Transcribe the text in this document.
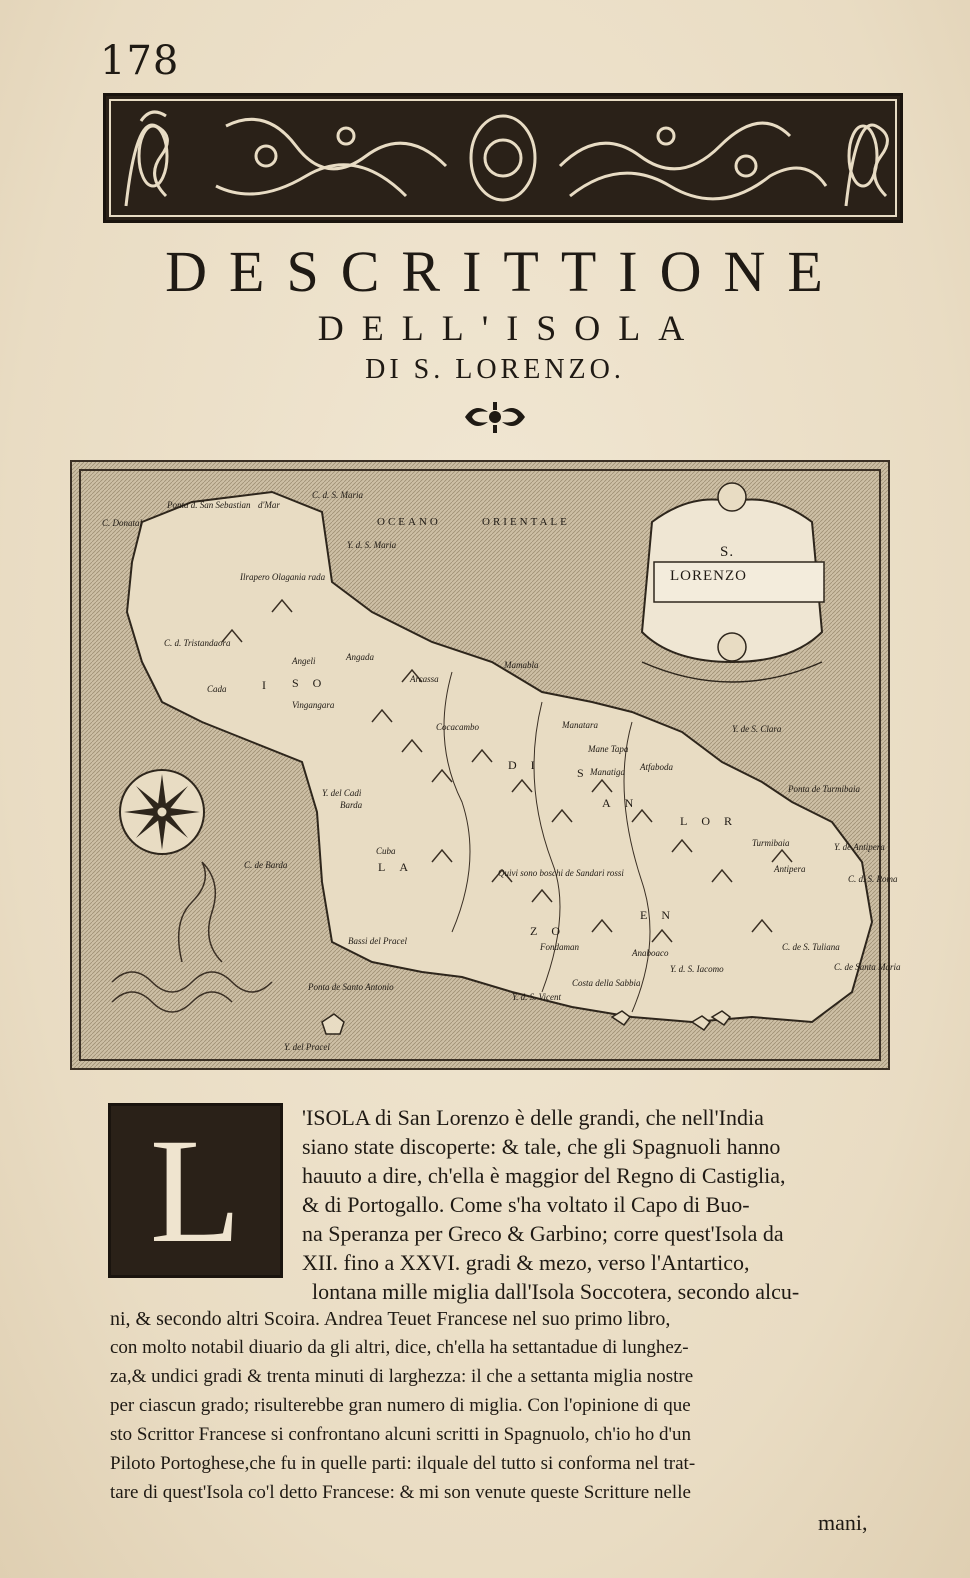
178
DESCRITTIONE
DELL'ISOLA
DI S. LORENZO.
S.
LORENZO
Ponta d. San Sebastian
C. Donatal
d'Mar
C. d. S. Maria
OCEANO	ORIENTALE
Y. d. S. Maria
Ilrapero Olagania rada
C. d. Tristandaora
Angeli	Angada
Cada
Vingangara
Arcassa
Mamabla
Cocacambo	Manatara
Mane Tapa
Manatiga Atfaboda
Y. de S. Clara
Y. del Cadi
Barda
C. de Barda
Ponta de Turmibaia
Turmibaia
Antipera
Y. de Antipera
C. d. S. Roma
Cuba
Quivi sono boschi de Sandari rossi
Bassi del Pracel
Ponta de Santo Antonio
Y. del Pracel
Fondaman
Anaboaco
Costa della Sabbia
Y. d. S. Iacomo
Y. d. S. Vicent
C. de S. Tuliana
C. de Santa Maria
I SO
LA
DI
S
AN
LOR
EN
ZO
L	'ISOLA di San Lorenzo è delle grandi, che nell'India
siano state discoperte: & tale, che gli Spagnuoli hanno
hauuto a dire, ch'ella è maggior del Regno di Castiglia,
& di Portogallo. Come s'ha voltato il Capo di Buo-
na Speranza per Greco & Garbino; corre quest'Isola da
XII. fino a XXVI. gradi & mezo, verso l'Antartico,
lontana mille miglia dall'Isola Soccotera, secondo alcu-
ni, & secondo altri Scoira. Andrea Teuet Francese nel suo primo libro,
con molto notabil diuario da gli altri, dice, ch'ella ha settantadue di lunghez-
za,& undici gradi & trenta minuti di larghezza: il che a settanta miglia nostre
per ciascun grado; risulterebbe gran numero di miglia. Con l'opinione di que
sto Scrittor Francese si confrontano alcuni scritti in Spagnuolo, ch'io ho d'un
Piloto Portoghese,che fu in quelle parti: ilquale del tutto si conforma nel trat-
tare di quest'Isola co'l detto Francese: & mi son venute queste Scritture nelle
mani,
